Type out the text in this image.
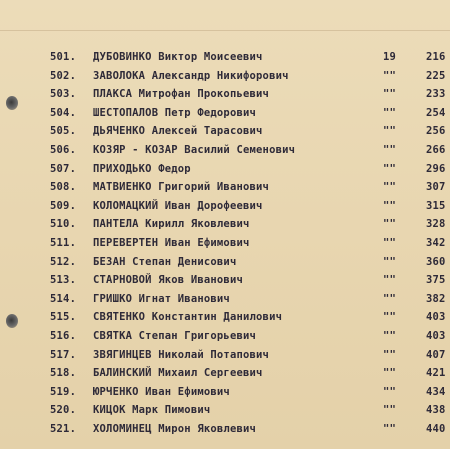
501. ДУБОВИНКО Виктор Моисеевич	19	216
502. ЗАВОЛОКА Александр Никифорович	""	225
503. ПЛАКСА Митрофан Прокопьевич	""	233
504. ШЕСТОПАЛОВ Петр Федорович	""	254
505. ДЬЯЧЕНКО Алексей Тарасович	""	256
506. КОЗЯР - КОЗАР Василий Семенович	""	266
507. ПРИХОДЬКО Федор	""	296
508. МАТВИЕНКО Григорий Иванович	""	307
509. КОЛОМАЦКИЙ Иван Дорофеевич	""	315
510. ПАНТЕЛА Кирилл Яковлевич	""	328
511. ПЕРЕВЕРТЕН Иван Ефимович	""	342
512. БЕЗАН Степан Денисович	""	360
513. СТАРНОВОЙ Яков Иванович	""	375
514. ГРИШКО Игнат Иванович	""	382
515. СВЯТЕНКО Константин Данилович	""	403
516. СВЯТКА Степан Григорьевич	""	403
517. ЗВЯГИНЦЕВ Николай Потапович	""	407
518. БАЛИНСКИЙ Михаил Сергеевич	""	421
519. ЮРЧЕНКО Иван Ефимович	""	434
520. КИЦОК Марк Пимович	""	438
521. ХОЛОМИНЕЦ Мирон Яковлевич	""	440
